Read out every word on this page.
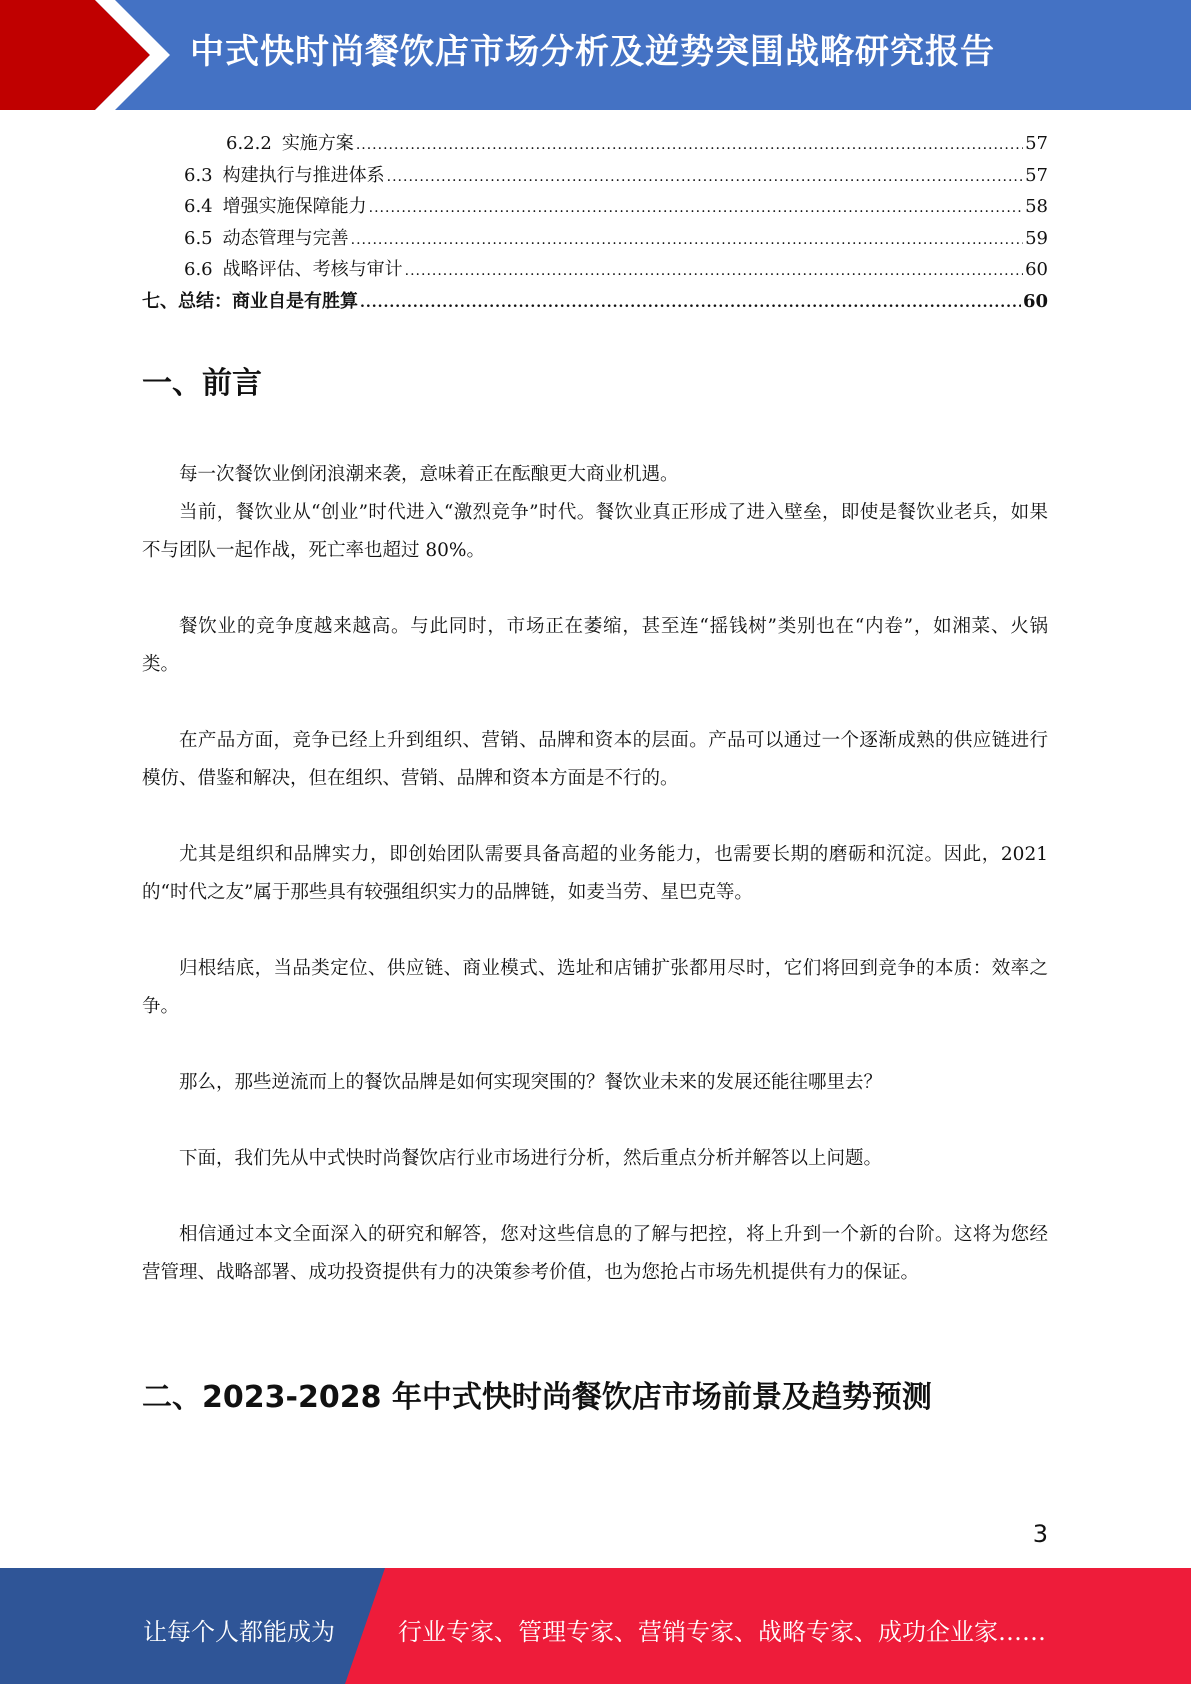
中式快时尚餐饮店市场分析及逆势突围战略研究报告
6.2.2 实施方案 .....	57
6.3 构建执行与推进体系 .....	57
6.4 增强实施保障能力 .....	58
6.5 动态管理与完善 .....	59
6.6 战略评估、考核与审计 .....	60
七、 总结：商业自是有胜算 .....	60
一、前言

每一次餐饮业倒闭浪潮来袭，意味着正在酝酿更大商业机遇。

当前，餐饮业从“创业”时代进入“激烈竞争”时代。餐饮业真正形成了进入壁垒，即使是餐饮业老兵，如果不与团队一起作战，死亡率也超过 80%。

餐饮业的竞争度越来越高。与此同时，市场正在萎缩，甚至连“摇钱树”类别也在“内卷”，如湘菜、火锅类。

在产品方面，竞争已经上升到组织、营销、品牌和资本的层面。产品可以通过一个逐渐成熟的供应链进行模仿、借鉴和解决，但在组织、营销、品牌和资本方面是不行的。

尤其是组织和品牌实力，即创始团队需要具备高超的业务能力，也需要长期的磨砺和沉淀。因此，2021 的“时代之友”属于那些具有较强组织实力的品牌链，如麦当劳、星巴克等。

归根结底，当品类定位、供应链、商业模式、选址和店铺扩张都用尽时，它们将回到竞争的本质：效率之争。

那么，那些逆流而上的餐饮品牌是如何实现突围的？餐饮业未来的发展还能往哪里去？

下面，我们先从中式快时尚餐饮店行业市场进行分析，然后重点分析并解答以上问题。

相信通过本文全面深入的研究和解答，您对这些信息的了解与把控，将上升到一个新的台阶。这将为您经营管理、战略部署、成功投资提供有力的决策参考价值，也为您抢占市场先机提供有力的保证。

二、2023-2028 年中式快时尚餐饮店市场前景及趋势预测
3
让每个人都能成为	行业专家、管理专家、营销专家、战略专家、成功企业家……
